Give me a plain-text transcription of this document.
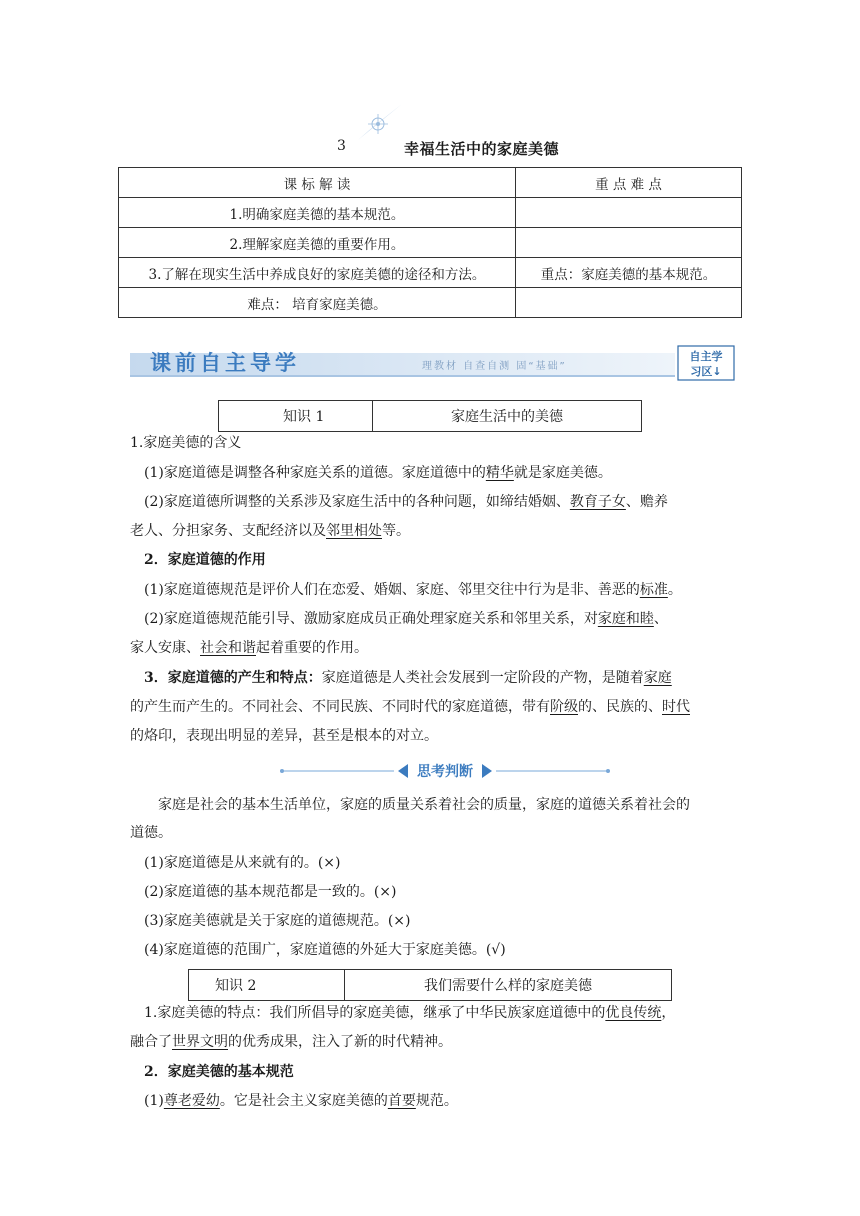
3	幸福生活中的家庭美德
课 标 解 读	重 点 难 点
1.明确家庭美德的基本规范。	
2.理解家庭美德的重要作用。	
3.了解在现实生活中养成良好的家庭美德的途径和方法。	重点：家庭美德的基本规范。
难点： 培育家庭美德。	
课前自主导学	理教材 自查自测 固“基础”
自主学
习区↓
知识 1	家庭生活中的美德
1.家庭美德的含义
(1)家庭道德是调整各种家庭关系的道德。家庭道德中的精华就是家庭美德。
(2)家庭道德所调整的关系涉及家庭生活中的各种问题，如缔结婚姻、教育子女、赡养
老人、分担家务、支配经济以及邻里相处等。
2．家庭道德的作用
(1)家庭道德规范是评价人们在恋爱、婚姻、家庭、邻里交往中行为是非、善恶的标准。
(2)家庭道德规范能引导、激励家庭成员正确处理家庭关系和邻里关系，对家庭和睦、
家人安康、社会和谐起着重要的作用。
3．家庭道德的产生和特点：家庭道德是人类社会发展到一定阶段的产物，是随着家庭
的产生而产生的。不同社会、不同民族、不同时代的家庭道德，带有阶级的、民族的、时代
的烙印，表现出明显的差异，甚至是根本的对立。
思考判断
家庭是社会的基本生活单位，家庭的质量关系着社会的质量，家庭的道德关系着社会的
道德。
(1)家庭道德是从来就有的。(×)
(2)家庭道德的基本规范都是一致的。(×)
(3)家庭美德就是关于家庭的道德规范。(×)
(4)家庭道德的范围广，家庭道德的外延大于家庭美德。(√)
知识 2	我们需要什么样的家庭美德
1.家庭美德的特点：我们所倡导的家庭美德，继承了中华民族家庭道德中的优良传统，
融合了世界文明的优秀成果，注入了新的时代精神。
2．家庭美德的基本规范
(1)尊老爱幼。它是社会主义家庭美德的首要规范。
